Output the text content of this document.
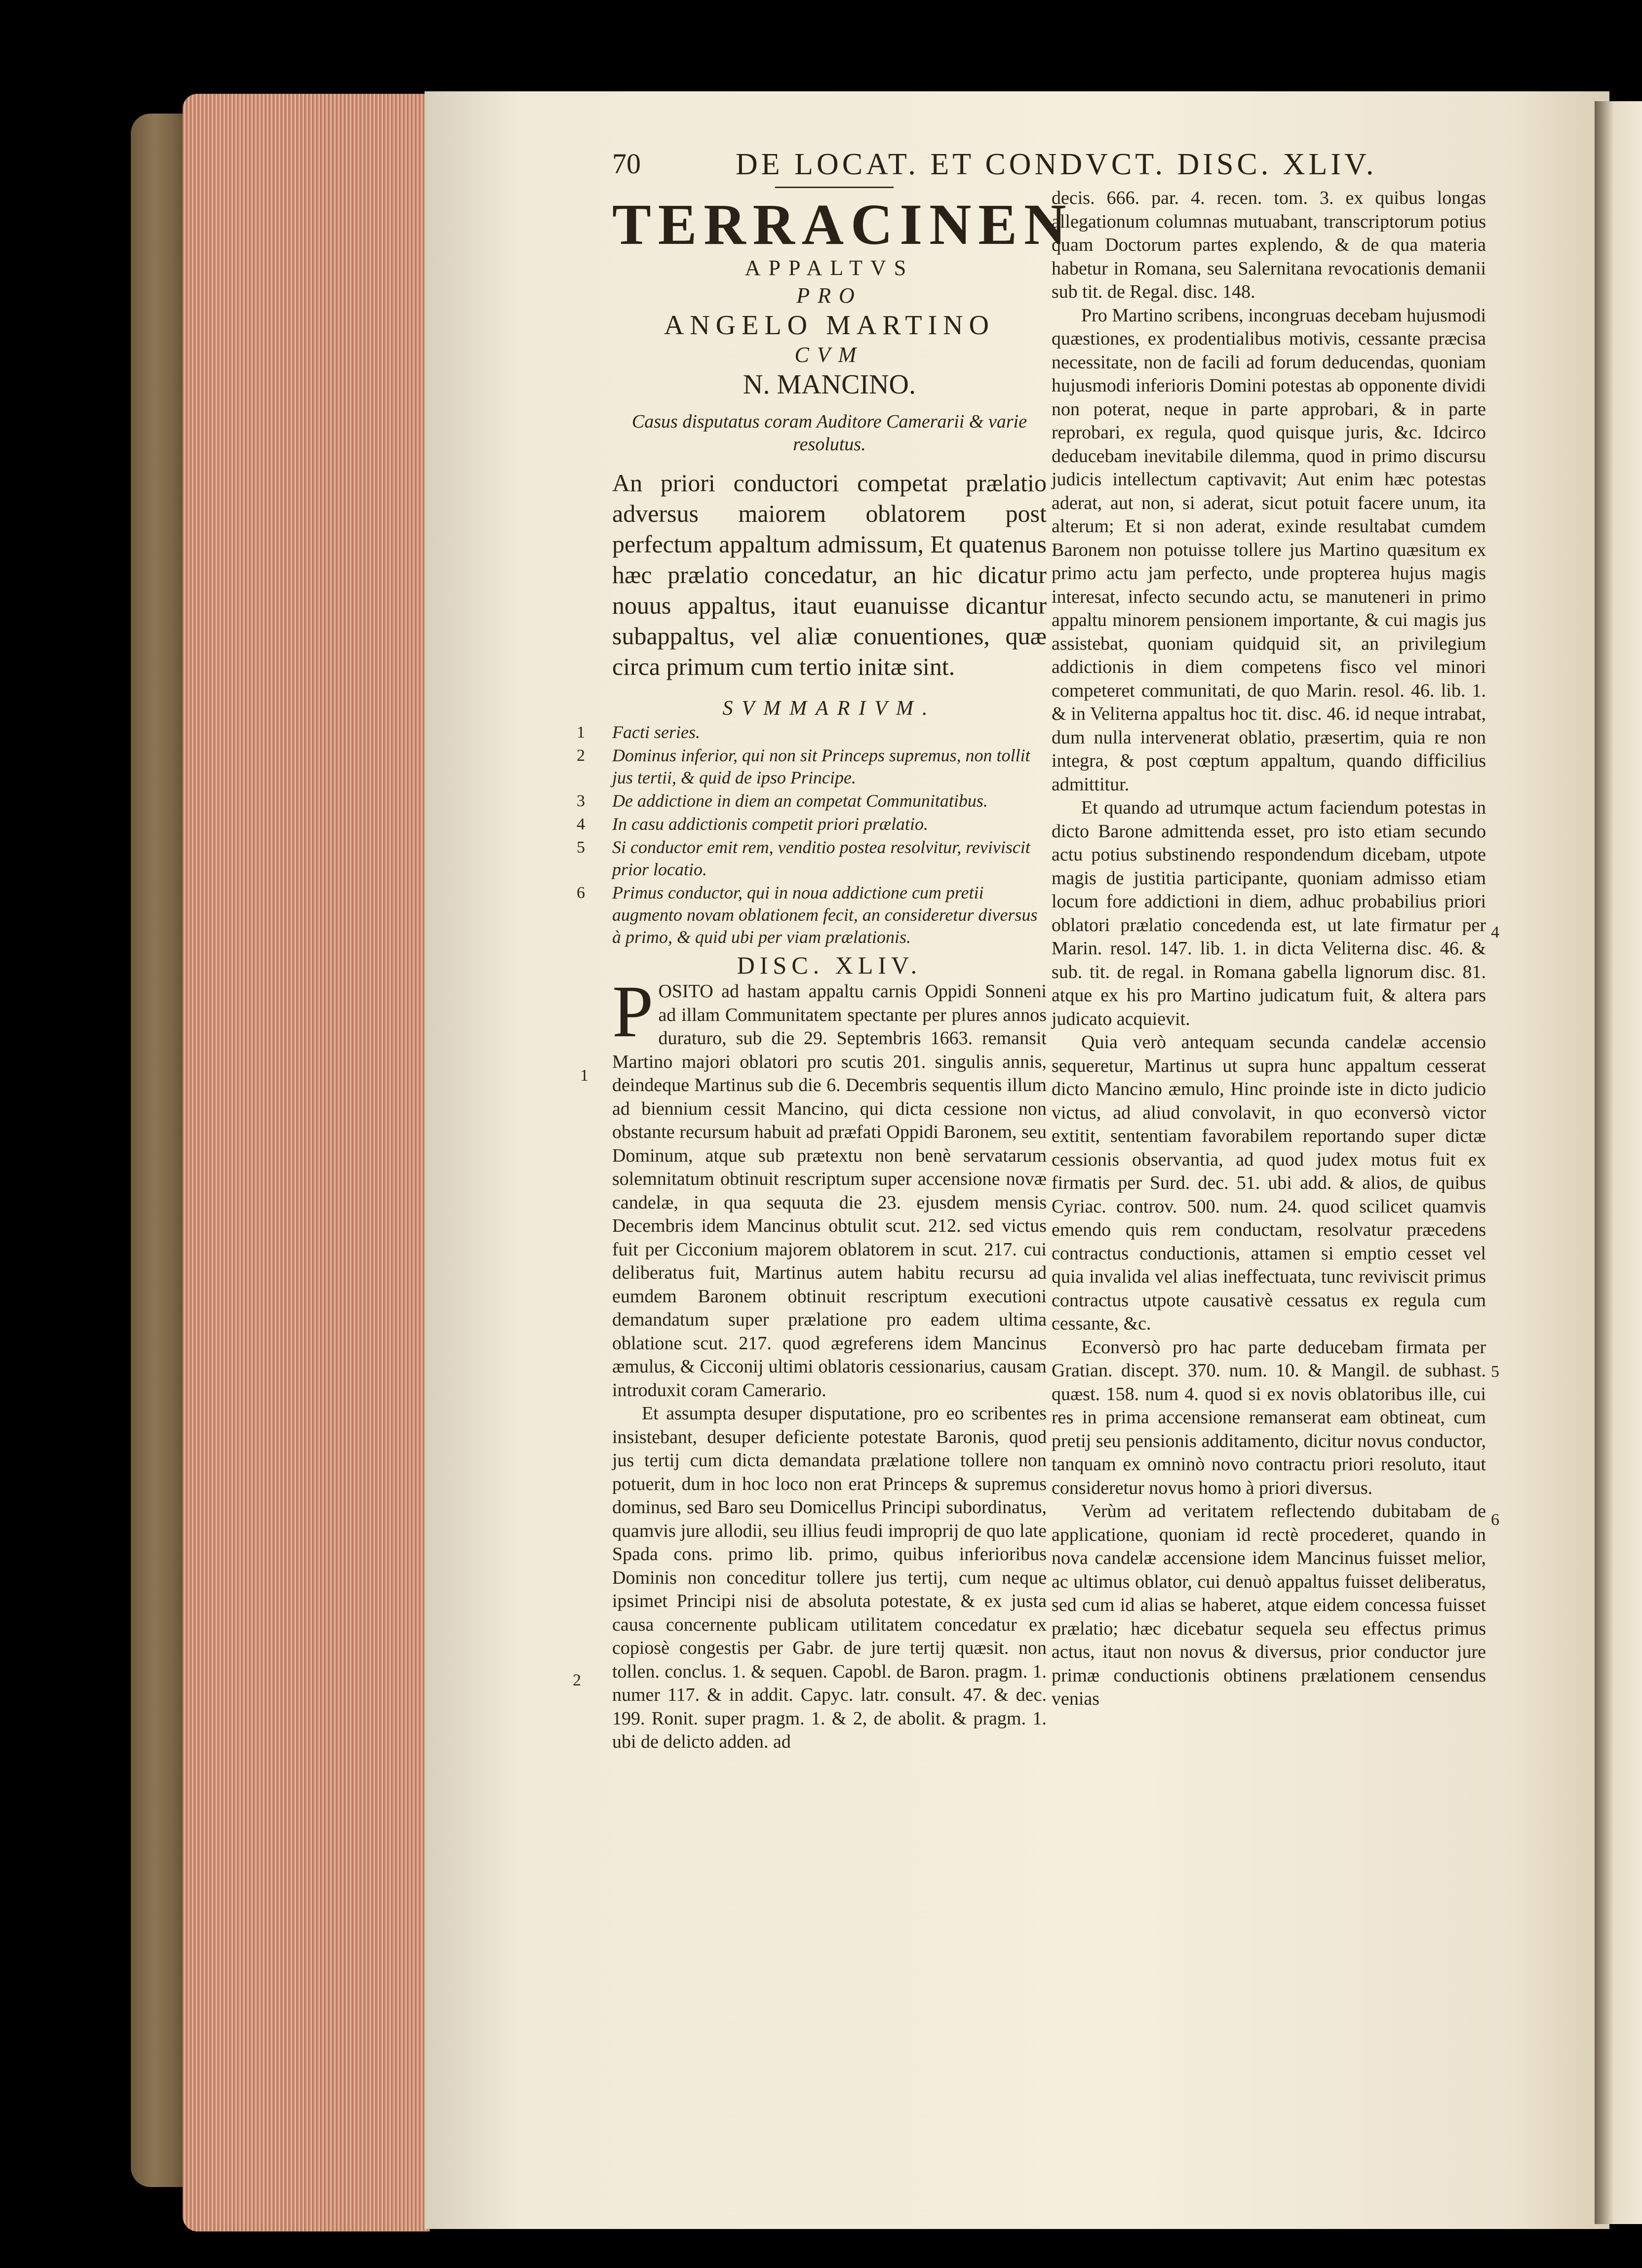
70	DE LOCAT. ET CONDVCT. DISC. XLIV.
TERRACINEN
APPALTVS
PRO
ANGELO MARTINO
CVM
N. MANCINO.
Casus disputatus coram Auditore Camerarii & varie resolutus.
An priori conductori competat prælatio adversus maiorem oblatorem post perfectum appaltum admissum, Et quatenus hæc prælatio concedatur, an hic dicatur nouus appaltus, itaut euanuisse dicantur subappaltus, vel aliæ conuentiones, quæ circa primum cum tertio initæ sint.
SVMMARIVM.
1 Facti series.
2 Dominus inferior, qui non sit Princeps supremus, non tollit jus tertii, & quid de ipso Principe.
3 De addictione in diem an competat Communitatibus.
4 In casu addictionis competit priori prælatio.
5 Si conductor emit rem, venditio postea resolvitur, reviviscit prior locatio.
6 Primus conductor, qui in noua addictione cum pretii augmento novam oblationem fecit, an consideretur diversus à primo, & quid ubi per viam prælationis.
DISC. XLIV.
POSITO ad hastam appaltu carnis Oppidi Sonneni ad illam Communitatem spectante per plures annos duraturo, sub die 29. Septembris 1663. remansit Martino majori oblatori pro scutis 201. singulis annis, deindeque Martinus sub die 6. Decembris sequentis illum ad biennium cessit Mancino, qui dicta cessione non obstante recursum habuit ad præfati Oppidi Baronem, seu Dominum, atque sub prætextu non benè servatarum solemnitatum obtinuit rescriptum super accensione novæ candelæ, in qua sequuta die 23. ejusdem mensis Decembris idem Mancinus obtulit scut. 212. sed victus fuit per Cicconium majorem oblatorem in scut. 217. cui deliberatus fuit, Martinus autem habitu recursu ad eumdem Baronem obtinuit rescriptum executioni demandatum super prælatione pro eadem ultima oblatione scut. 217. quod ægreferens idem Mancinus æmulus, & Cicconij ultimi oblatoris cessionarius, causam introduxit coram Camerario.
Et assumpta desuper disputatione, pro eo scribentes insistebant, desuper deficiente potestate Baronis, quod jus tertij cum dicta demandata prælatione tollere non potuerit, dum in hoc loco non erat Princeps & supremus dominus, sed Baro seu Domicellus Principi subordinatus, quamvis jure allodii, seu illius feudi improprij de quo late Spada cons. primo lib. primo, quibus inferioribus Dominis non conceditur tollere jus tertij, cum neque ipsimet Principi nisi de absoluta potestate, & ex justa causa concernente publicam utilitatem concedatur ex copiosè congestis per Gabr. de jure tertij quæsit. non tollen. conclus. 1. & sequen. Capobl. de Baron. pragm. 1. numer 117. & in addit. Capyc. latr. consult. 47. & dec. 199. Ronit. super pragm. 1. & 2, de abolit. & pragm. 1. ubi de delicto adden. ad
1
2
decis. 666. par. 4. recen. tom. 3. ex quibus longas allegationum columnas mutuabant, transcriptorum potius quam Doctorum partes explendo, & de qua materia habetur in Romana, seu Salernitana revocationis demanii sub tit. de Regal. disc. 148.
Pro Martino scribens, incongruas decebam hujusmodi quæstiones, ex prodentialibus motivis, cessante præcisa necessitate, non de facili ad forum deducendas, quoniam hujusmodi inferioris Domini potestas ab opponente dividi non poterat, neque in parte approbari, & in parte reprobari, ex regula, quod quisque juris, &c. Idcirco deducebam inevitabile dilemma, quod in primo discursu judicis intellectum captivavit; Aut enim hæc potestas aderat, aut non, si aderat, sicut potuit facere unum, ita alterum; Et si non aderat, exinde resultabat cumdem Baronem non potuisse tollere jus Martino quæsitum ex primo actu jam perfecto, unde propterea hujus magis interesat, infecto secundo actu, se manuteneri in primo appaltu minorem pensionem importante, & cui magis jus assistebat, quoniam quidquid sit, an privilegium addictionis in diem competens fisco vel minori competeret communitati, de quo Marin. resol. 46. lib. 1. & in Veliterna appaltus hoc tit. disc. 46. id neque intrabat, dum nulla intervenerat oblatio, præsertim, quia re non integra, & post cœptum appaltum, quando difficilius admittitur.
Et quando ad utrumque actum faciendum potestas in dicto Barone admittenda esset, pro isto etiam secundo actu potius substinendo respondendum dicebam, utpote magis de justitia participante, quoniam admisso etiam locum fore addictioni in diem, adhuc probabilius priori oblatori prælatio concedenda est, ut late firmatur per Marin. resol. 147. lib. 1. in dicta Veliterna disc. 46. & sub. tit. de regal. in Romana gabella lignorum disc. 81. atque ex his pro Martino judicatum fuit, & altera pars judicato acquievit.
Quia verò antequam secunda candelæ accensio sequeretur, Martinus ut supra hunc appaltum cesserat dicto Mancino æmulo, Hinc proinde iste in dicto judicio victus, ad aliud convolavit, in quo econversò victor extitit, sententiam favorabilem reportando super dictæ cessionis observantia, ad quod judex motus fuit ex firmatis per Surd. dec. 51. ubi add. & alios, de quibus Cyriac. controv. 500. num. 24. quod scilicet quamvis emendo quis rem conductam, resolvatur præcedens contractus conductionis, attamen si emptio cesset vel quia invalida vel alias ineffectuata, tunc reviviscit primus contractus utpote causativè cessatus ex regula cum cessante, &c.
Econversò pro hac parte deducebam firmata per Gratian. discept. 370. num. 10. & Mangil. de subhast. quæst. 158. num 4. quod si ex novis oblatoribus ille, cui res in prima accensione remanserat eam obtineat, cum pretij seu pensionis additamento, dicitur novus conductor, tanquam ex omninò novo contractu priori resoluto, itaut consideretur novus homo à priori diversus.
Verùm ad veritatem reflectendo dubitabam de applicatione, quoniam id rectè procederet, quando in nova candelæ accensione idem Mancinus fuisset melior, ac ultimus oblator, cui denuò appaltus fuisset deliberatus, sed cum id alias se haberet, atque eidem concessa fuisset prælatio; hæc dicebatur sequela seu effectus primus actus, itaut non novus & diversus, prior conductor jure primæ conductionis obtinens prælationem censendus venias
4
5
6
